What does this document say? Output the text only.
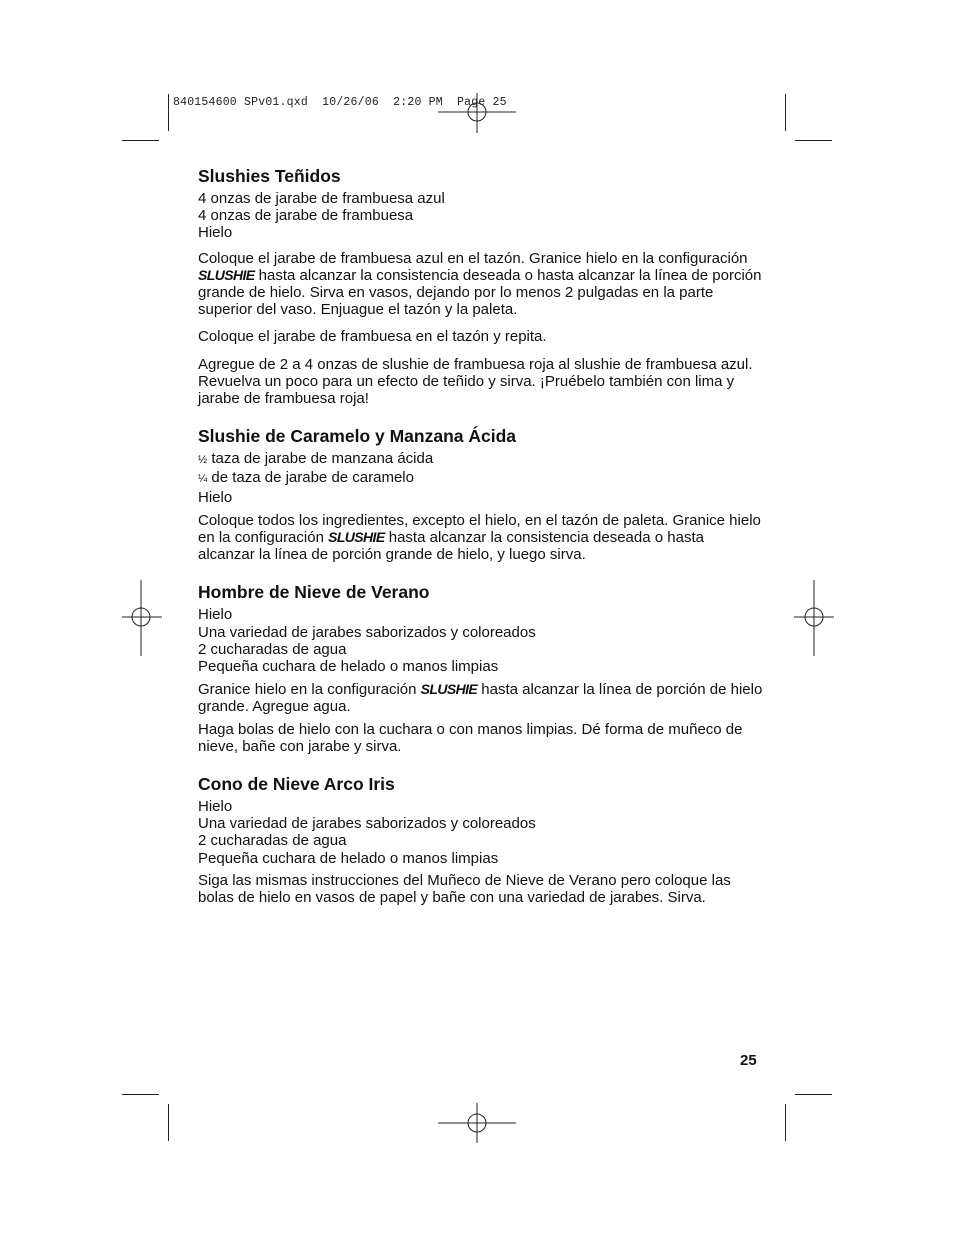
840154600 SPv01.qxd  10/26/06  2:20 PM  Page 25
Slushies Teñidos
4 onzas de jarabe de frambuesa azul
4 onzas de jarabe de frambuesa
Hielo

Coloque el jarabe de frambuesa azul en el tazón. Granice hielo en la configuración SLUSHIE hasta alcanzar la consistencia deseada o hasta alcanzar la línea de porción grande de hielo. Sirva en vasos, dejando por lo menos 2 pulgadas en la parte superior del vaso. Enjuague el tazón y la paleta.

Coloque el jarabe de frambuesa en el tazón y repita.

Agregue de 2 a 4 onzas de slushie de frambuesa roja al slushie de frambuesa azul. Revuelva un poco para un efecto de teñido y sirva. ¡Pruébelo también con lima y jarabe de frambuesa roja!

Slushie de Caramelo y Manzana Ácida
½ taza de jarabe de manzana ácida
¼ de taza de jarabe de caramelo
Hielo

Coloque todos los ingredientes, excepto el hielo, en el tazón de paleta. Granice hielo en la configuración SLUSHIE hasta alcanzar la consistencia deseada o hasta alcanzar la línea de porción grande de hielo, y luego sirva.

Hombre de Nieve de Verano
Hielo
Una variedad de jarabes saborizados y coloreados
2 cucharadas de agua
Pequeña cuchara de helado o manos limpias

Granice hielo en la configuración SLUSHIE hasta alcanzar la línea de porción de hielo grande. Agregue agua.

Haga bolas de hielo con la cuchara o con manos limpias. Dé forma de muñeco de nieve, bañe con jarabe y sirva.

Cono de Nieve Arco Iris
Hielo
Una variedad de jarabes saborizados y coloreados
2 cucharadas de agua
Pequeña cuchara de helado o manos limpias

Siga las mismas instrucciones del Muñeco de Nieve de Verano pero coloque las bolas de hielo en vasos de papel y bañe con una variedad de jarabes. Sirva.

25
